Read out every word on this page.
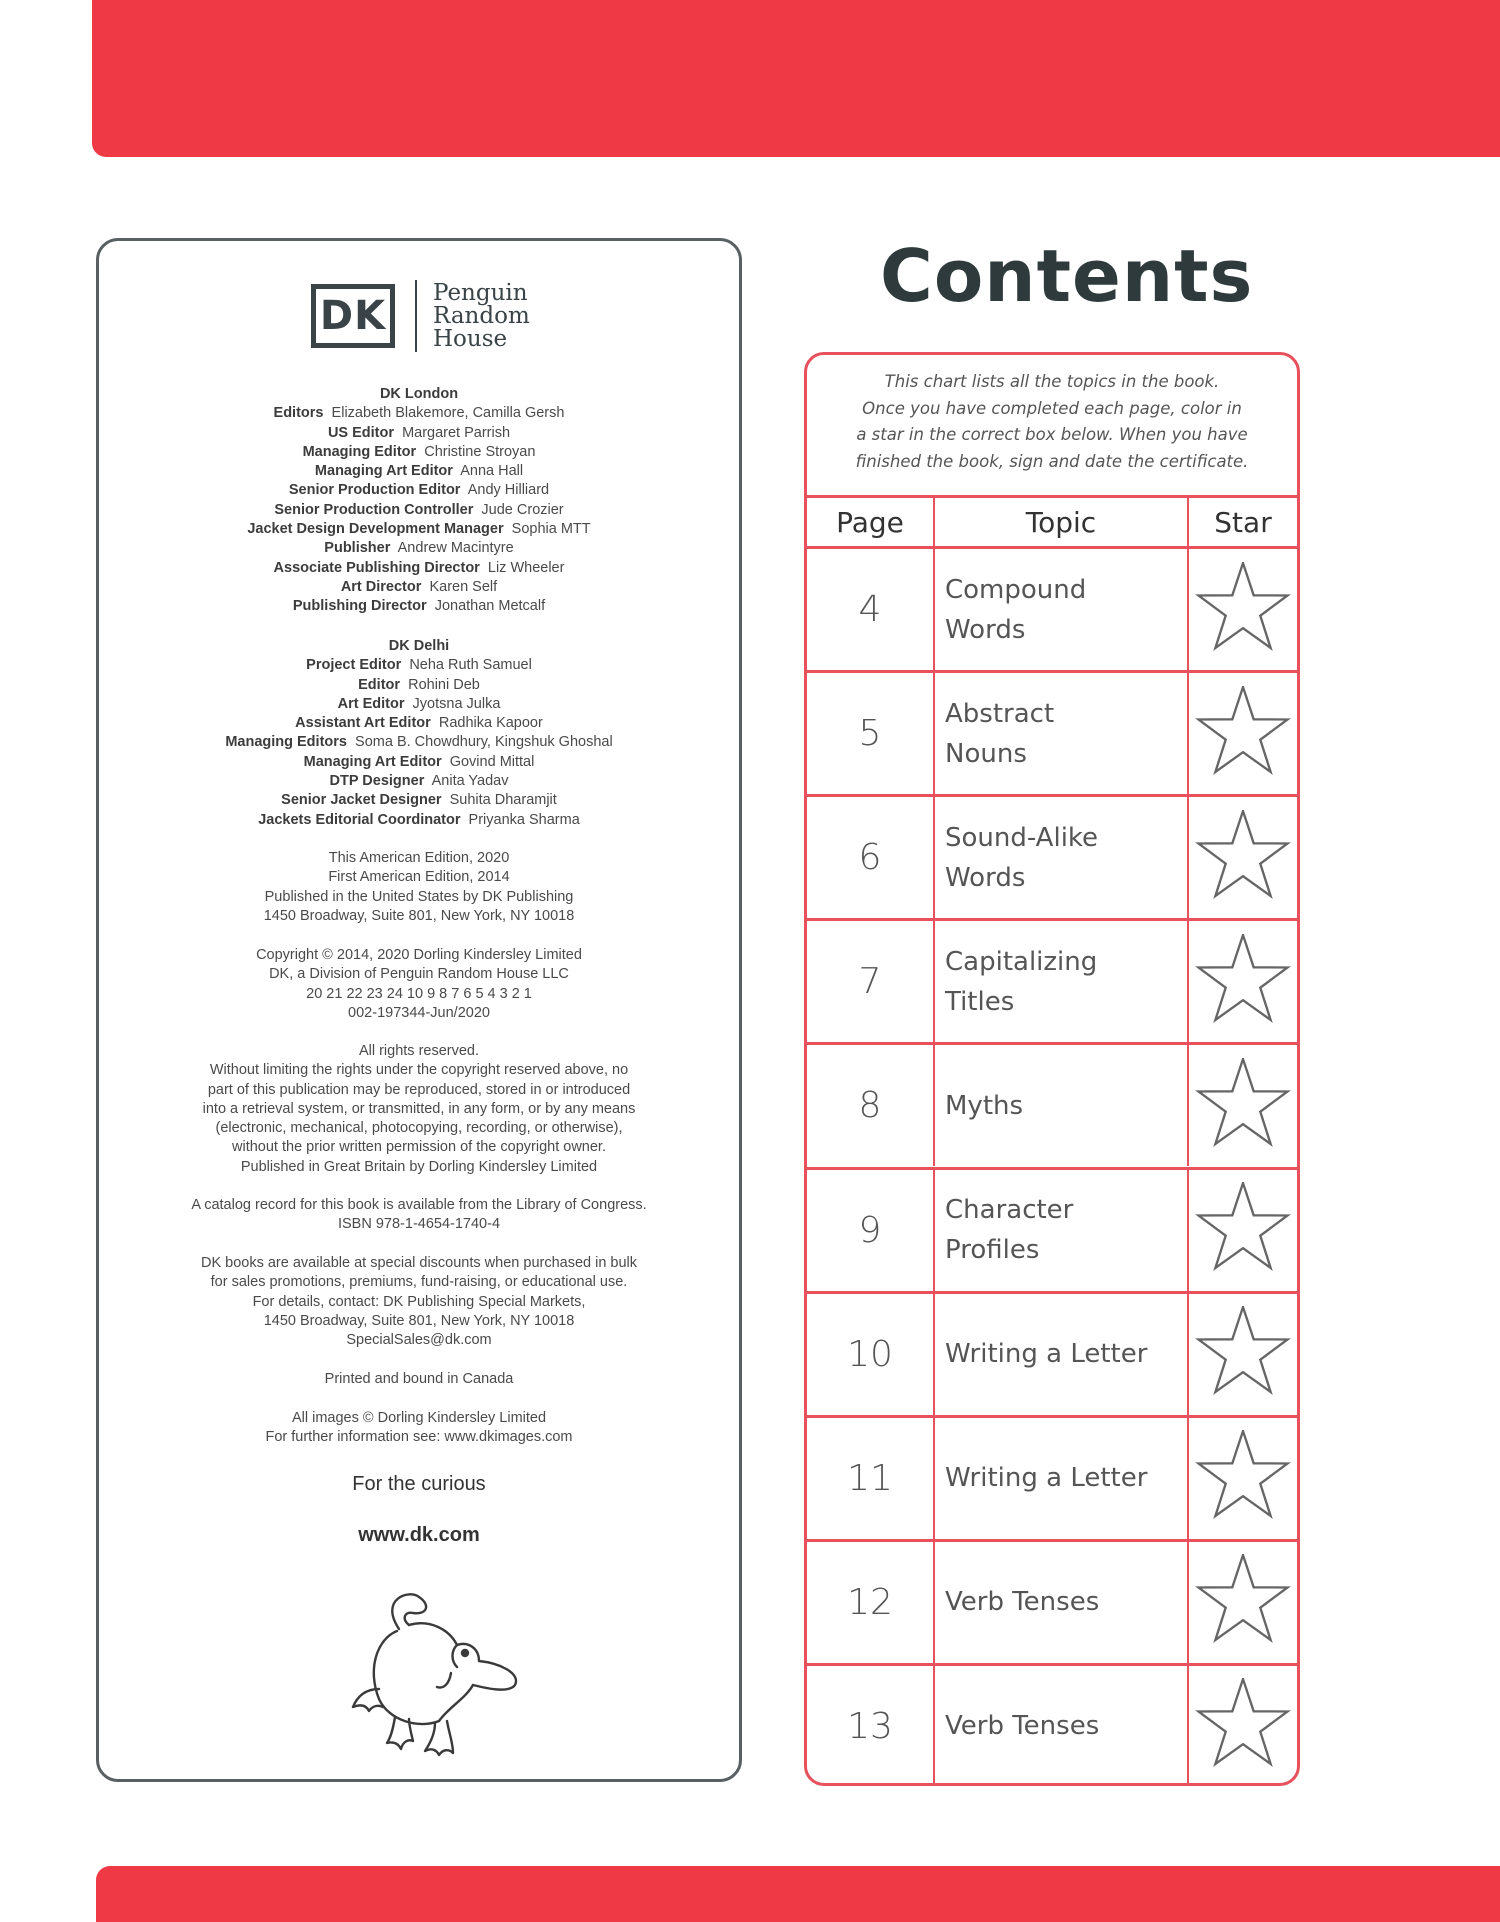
DK
Penguin
Random
House
DK London
Editors Elizabeth Blakemore, Camilla Gersh
US Editor Margaret Parrish
Managing Editor Christine Stroyan
Managing Art Editor Anna Hall
Senior Production Editor Andy Hilliard
Senior Production Controller Jude Crozier
Jacket Design Development Manager Sophia MTT
Publisher Andrew Macintyre
Associate Publishing Director Liz Wheeler
Art Director Karen Self
Publishing Director Jonathan Metcalf
DK Delhi
Project Editor Neha Ruth Samuel
Editor Rohini Deb
Art Editor Jyotsna Julka
Assistant Art Editor Radhika Kapoor
Managing Editors Soma B. Chowdhury, Kingshuk Ghoshal
Managing Art Editor Govind Mittal
DTP Designer Anita Yadav
Senior Jacket Designer Suhita Dharamjit
Jackets Editorial Coordinator Priyanka Sharma
This American Edition, 2020
First American Edition, 2014
Published in the United States by DK Publishing
1450 Broadway, Suite 801, New York, NY 10018
Copyright © 2014, 2020 Dorling Kindersley Limited
DK, a Division of Penguin Random House LLC
20 21 22 23 24 10 9 8 7 6 5 4 3 2 1
002-197344-Jun/2020
All rights reserved.
Without limiting the rights under the copyright reserved above, no
part of this publication may be reproduced, stored in or introduced
into a retrieval system, or transmitted, in any form, or by any means
(electronic, mechanical, photocopying, recording, or otherwise),
without the prior written permission of the copyright owner.
Published in Great Britain by Dorling Kindersley Limited
A catalog record for this book is available from the Library of Congress.
ISBN 978-1-4654-1740-4
DK books are available at special discounts when purchased in bulk
for sales promotions, premiums, fund-raising, or educational use.
For details, contact: DK Publishing Special Markets,
1450 Broadway, Suite 801, New York, NY 10018
SpecialSales@dk.com
Printed and bound in Canada
All images © Dorling Kindersley Limited
For further information see: www.dkimages.com
For the curious
www.dk.com
Contents
This chart lists all the topics in the book.
Once you have completed each page, color in
a star in the correct box below. When you have
finished the book, sign and date the certificate.
Page	Topic	Star
4 Compound
Words
5 Abstract
Nouns
6 Sound-Alike
Words
7 Capitalizing
Titles
8 Myths
9 Character
Profiles
10 Writing a Letter
11 Writing a Letter
12 Verb Tenses
13 Verb Tenses
